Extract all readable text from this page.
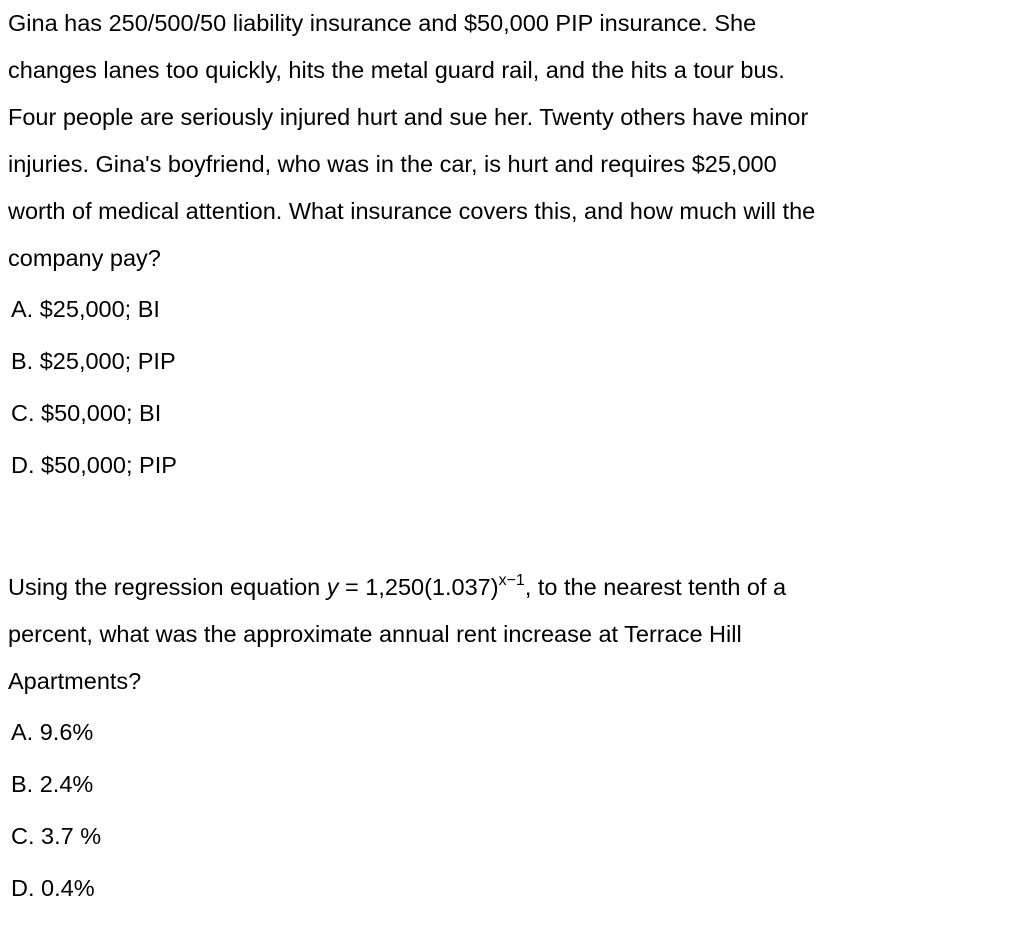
Gina has 250/500/50 liability insurance and $50,000 PIP insurance. She
changes lanes too quickly, hits the metal guard rail, and the hits a tour bus.
Four people are seriously injured hurt and sue her. Twenty others have minor
injuries. Gina's boyfriend, who was in the car, is hurt and requires $25,000
worth of medical attention. What insurance covers this, and how much will the
company pay?

A. $25,000; BI
B. $25,000; PIP
C. $50,000; BI
D. $50,000; PIP

Using the regression equation $y = 1,250(1.037)^{x-1}$, to the nearest tenth of a
percent, what was the approximate annual rent increase at Terrace Hill
Apartments?

A. 9.6%
B. 2.4%
C. 3.7 %
D. 0.4%
